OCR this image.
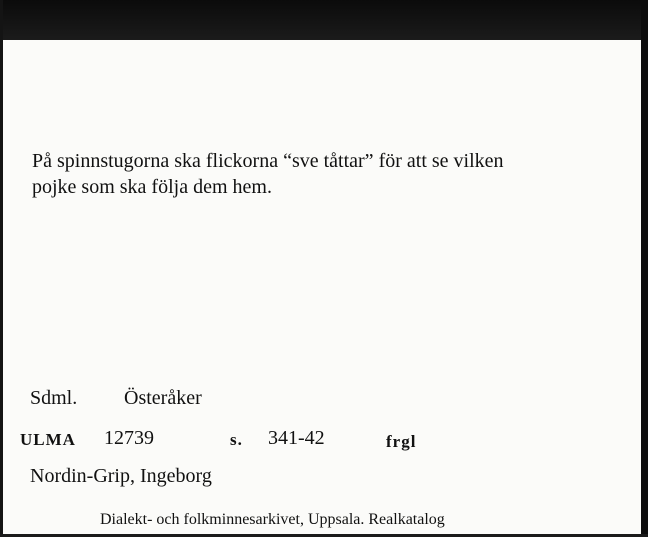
På spinnstugorna ska flickorna “sve tåttar” för att se vilken
pojke som ska följa dem hem.
Sdml. Österåker
ULMA 12739	s. 341-42	frgl
Nordin-Grip, Ingeborg
Dialekt- och folkminnesarkivet, Uppsala. Realkatalog
